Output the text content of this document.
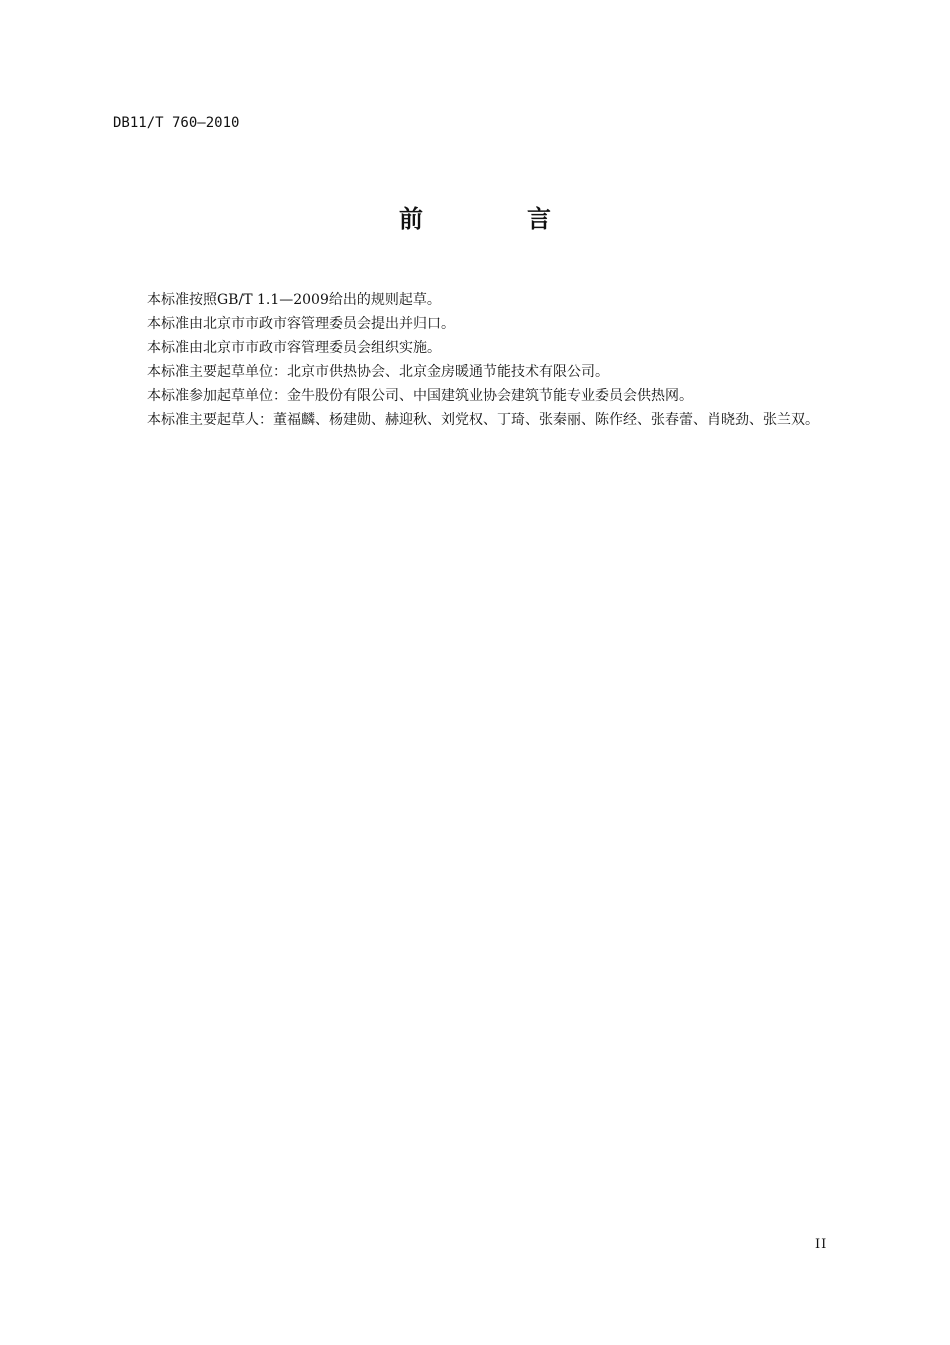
DB11/T 760—2010
前　言

本标准按照GB/T 1.1—2009给出的规则起草。

本标准由北京市市政市容管理委员会提出并归口。

本标准由北京市市政市容管理委员会组织实施。

本标准主要起草单位：北京市供热协会、北京金房暖通节能技术有限公司。

本标准参加起草单位：金牛股份有限公司、中国建筑业协会建筑节能专业委员会供热网。

本标准主要起草人：董福麟、杨建勋、赫迎秋、刘党权、丁琦、张秦丽、陈作经、张春蕾、肖晓劲、张兰双。

II
